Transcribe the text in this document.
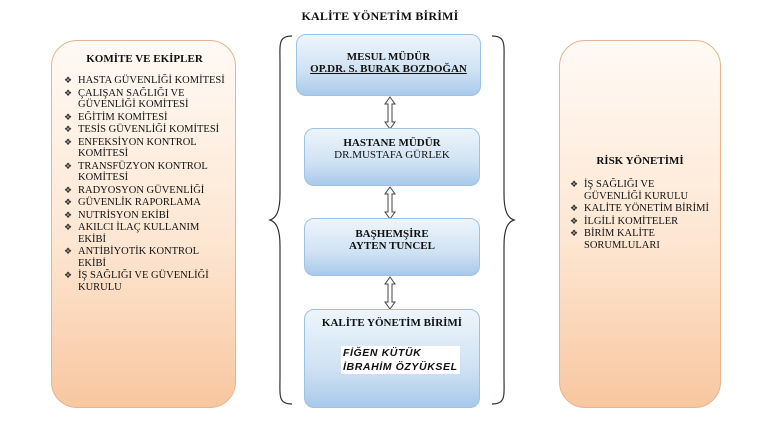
KALİTE YÖNETİM BİRİMİ
KOMİTE VE EKİPLER
❖ HASTA GÜVENLİĞİ KOMİTESİ
❖ ÇALIŞAN SAĞLIĞI VE GÜVENLİĞİ KOMİTESİ
❖ EĞİTİM KOMİTESİ
❖ TESİS GÜVENLİĞİ KOMİTESİ
❖ ENFEKSİYON KONTROL KOMİTESİ
❖ TRANSFÜZYON KONTROL KOMİTESİ
❖ RADYOSYON GÜVENLİĞİ
❖ GÜVENLİK RAPORLAMA
❖ NUTRİSYON EKİBİ
❖ AKILCI İLAÇ KULLANIM EKİBİ
❖ ANTİBİYOTİK KONTROL EKİBİ
❖ İŞ SAĞLIĞI VE GÜVENLİĞİ KURULU
RİSK YÖNETİMİ
❖ İŞ SAĞLIĞI VE GÜVENLİĞİ KURULU
❖ KALİTE YÖNETİM BİRİMİ
❖ İLGİLİ KOMİTELER
❖ BİRİM KALİTE SORUMLULARI
MESUL MÜDÜR
OP.DR. S. BURAK BOZDOĞAN
HASTANE MÜDÜR
DR.MUSTAFA GÜRLEK
BAŞHEMŞİRE
AYTEN TUNCEL
KALİTE YÖNETİM BİRİMİ
FİĞEN KÜTÜK
İBRAHİM ÖZYÜKSEL
